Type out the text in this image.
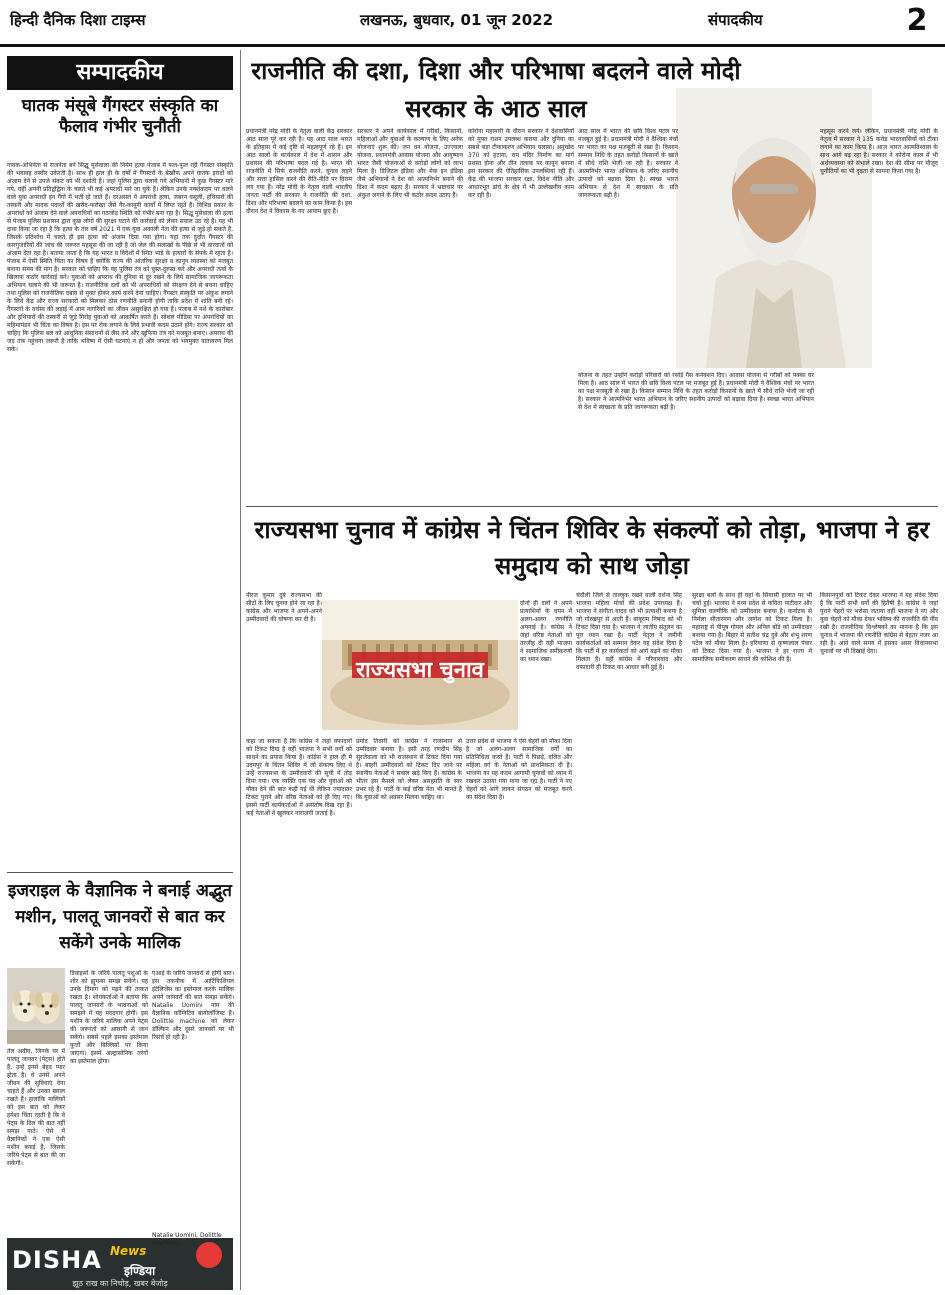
हिन्दी दैनिक दिशा टाइम्स	लखनऊ, बुधवार, 01 जून 2022	संपादकीय	2
सम्पादकीय
घातक मंसूबे गैंगस्टर संस्कृति का फैलाव गंभीर चुनौती
गायक-अभिनेता से राजनेता बने सिद्धू मूसेवाला की निर्मम हत्या पंजाब में फल-फूल रही गैंगस्टर संस्कृति की भयावह तस्वीर उकेरती है। साथ ही हाल ही के वर्षों में गैंगस्टरों के बेखौफ अपने घातक इरादों को अंजाम देने से उपजे संकट को भी दर्शाती है। जहां पुलिस द्वारा चलाये गये अभियानों में कुछ गैंगस्टर मारे गये, वहीं अपनी प्रतिद्वंद्विता के चलते भी कई अपराधी मारे जा चुके हैं। लेकिन उनके नक्शेकदम पर चलने वाले युवा अपराधी इन गैंगों में भर्ती हो जाते हैं। दरअसल ये अपराधी हत्या, जबरन वसूली, हथियारों की तस्करी और मादक पदार्थों की खरीद-फरोख्त जैसे गैर-कानूनी कार्यों में लिप्त रहते हैं। विभिन्न प्रकार के अपराधों को अंजाम देने वाले अपराधियों का गठजोड़ स्थिति को गंभीर बना रहा है। सिद्धू मूसेवाला की हत्या से पंजाब पुलिस प्रशासन द्वारा कुछ लोगों की सुरक्षा घटाने की कार्रवाई को लेकर सवाल उठ रहे हैं। यह भी दावा किया जा रहा है कि हत्या के तार वर्ष 2021 में एक युवा अकाली नेता की हत्या से जुड़े हो सकते हैं, जिसके प्रतिशोध में चलते ही इस हत्या को अंजाम दिया गया होगा। यहां तक दुर्दांत गैंगस्टर की कारगुजारियों की जांच की जरूरत महसूस की जा रही है जो जेल की सलाखों के पीछे से भी वारदातों को अंजाम देता रहा है। बताया जाता है कि यह भारत व विदेशों में स्थित भाड़े के हत्यारों के संपर्क में रहता है। पंजाब में ऐसी स्थिति चिंता का विषय है क्योंकि राज्य की आंतरिक सुरक्षा व कानून व्यवस्था को मजबूत बनाना समय की मांग है। सरकार को चाहिए कि वह पुलिस तंत्र को चुस्त-दुरुस्त करे और अपराधी तत्वों के खिलाफ कठोर कार्रवाई करे। युवाओं को अपराध की दुनिया से दूर रखने के लिये सामाजिक जागरूकता अभियान चलाने की भी जरूरत है। राजनीतिक दलों को भी अपराधियों को संरक्षण देने से बचना चाहिए तथा पुलिस को राजनीतिक दबाव से मुक्त होकर कार्य करने देना चाहिए। गैंगस्टर संस्कृति पर अंकुश लगाने के लिये केंद्र और राज्य सरकारों को मिलकर ठोस रणनीति बनानी होगी ताकि प्रदेश में शांति बनी रहे। गैंगस्टरों के वर्चस्व की लड़ाई में आम नागरिकों का जीवन असुरक्षित हो गया है। पंजाब में नशे के कारोबार और हथियारों की तस्करी से जुड़े गिरोह युवाओं को आकर्षित करते हैं। सोशल मीडिया पर अपराधियों का महिमामंडन भी चिंता का विषय है। इस पर रोक लगाने के लिये प्रभावी कदम उठाने होंगे। राज्य सरकार को चाहिए कि पुलिस बल को आधुनिक संसाधनों से लैस करे और खुफिया तंत्र को मजबूत बनाए। अपराध की जड़ तक पहुंचना जरूरी है ताकि भविष्य में ऐसी घटनाएं न हों और जनता को भयमुक्त वातावरण मिल सके।
इजराइल के वैज्ञानिक ने बनाई अद्भुत मशीन, पालतू जानवरों से बात कर सकेंगे उनके मालिक
तेल अवीव, जिनके घर में पालतू जानवर (पेट्स) होते हैं, उन्हें इनसे बेहद प्यार होता है। वे उनसे अपने जीवन की सुविधाएं देना चाहते हैं और उनका ख्याल रखते हैं। हालांकि मालिकों को इस बात को लेकर हमेशा चिंता रहती है कि वे पेट्स के दिल की बात नहीं समझ पाते। ऐसे में वैज्ञानिकों ने एक ऐसी मशीन बनाई है, जिसके जरिये पेट्स से बात की जा सकेगी।
डिवाइसों के जरिये पालतू पशुओं के शोर को ह्यूमन्स समझ सकेंगे। यह उनके दिमाग को पढ़ने की ताकत रखता है। शोधकर्ताओं ने बताया कि पालतू जानवरों के भावनाओं को समझने में यह मददगार होगी। इस मशीन के जरिये मालिक अपने पेट्स की जरूरतों को आसानी से जान सकेंगे। सबसे पहले इसका इस्तेमाल कुत्तों और बिल्लियों पर किया जाएगा। इसमें अल्ट्रासोनिक तरंगों का इस्तेमाल होगा।
एआई के जरिये जानवरों से होगी बात। इस तकनीक में आर्टिफिशियल इंटेलिजेंस का इस्तेमाल करके मालिक अपने जानवरों की बात समझ सकेंगे। Natalie Uomini नाम की वैज्ञानिक कॉग्निटिव बायोलॉजिस्ट हैं। Dolittle machine को लेकर डॉल्फिन और दूसरे जानवरों पर भी रिसर्च हो रही है।
DISHA News
इण्डिया
झूठ राख का निचोड़, खबर बेजोड़
राजनीति की दशा, दिशा और परिभाषा बदलने वाले मोदी सरकार के आठ साल
प्रधानमंत्री नरेंद्र मोदी के नेतृत्व वाली केंद्र सरकार आठ साल पूरे कर रही है। यह आठ साल भारत के इतिहास में कई दृष्टि से महत्वपूर्ण रहे हैं। इन आठ सालों के कार्यकाल में देश में शासन और प्रशासन की परिभाषा बदल गई है। भारत की राजनीति में सिर्फ राजनीति करने, चुनाव लड़ने और सत्ता हासिल करने की रीति-नीति पर विराम लग गया है। नरेंद्र मोदी के नेतृत्व वाली भारतीय जनता पार्टी की सरकार ने राजनीति की दशा, दिशा और परिभाषा बदलने का काम किया है। इस दौरान देश ने विकास के नए आयाम छुए हैं।
सरकार ने अपने कार्यकाल में गरीबों, किसानों, महिलाओं और युवाओं के कल्याण के लिए अनेक योजनाएं शुरू कीं। जन धन योजना, उज्ज्वला योजना, प्रधानमंत्री आवास योजना और आयुष्मान भारत जैसी योजनाओं से करोड़ों लोगों को लाभ मिला है। डिजिटल इंडिया और मेक इन इंडिया जैसे अभियानों ने देश को आत्मनिर्भर बनाने की दिशा में कदम बढ़ाए हैं। सरकार ने भ्रष्टाचार पर अंकुश लगाने के लिए भी कठोर कदम उठाए हैं।
कोरोना महामारी के दौरान सरकार ने देशवासियों को मुफ्त राशन उपलब्ध कराया और दुनिया का सबसे बड़ा टीकाकरण अभियान चलाया। अनुच्छेद 370 को हटाना, राम मंदिर निर्माण का मार्ग प्रशस्त होना और तीन तलाक पर कानून बनाना इस सरकार की ऐतिहासिक उपलब्धियां रही हैं। केंद्र की भाजपा सरकार रक्षा, विदेश नीति और आधारभूत ढांचे के क्षेत्र में भी उल्लेखनीय काम कर रही है।
आठ साल में भारत की छवि विश्व पटल पर मजबूत हुई है। प्रधानमंत्री मोदी ने वैश्विक मंचों पर भारत का पक्ष मजबूती से रखा है। किसान सम्मान निधि के तहत करोड़ों किसानों के खाते में सीधे राशि भेजी जा रही है। सरकार ने आत्मनिर्भर भारत अभियान के जरिए स्थानीय उत्पादों को बढ़ावा दिया है। स्वच्छ भारत अभियान से देश में स्वच्छता के प्रति जागरूकता बढ़ी है।
योजना के तहत उन्होंने करोड़ों परिवारों को रसोई गैस कनेक्शन दिए। आवास योजना से गरीबों को पक्का घर मिला है। आठ साल में भारत की छवि विश्व पटल पर मजबूत हुई है। प्रधानमंत्री मोदी ने वैश्विक मंचों पर भारत का पक्ष मजबूती से रखा है। किसान सम्मान निधि के तहत करोड़ों किसानों के खाते में सीधे राशि भेजी जा रही है। सरकार ने आत्मनिर्भर भारत अभियान के जरिए स्थानीय उत्पादों को बढ़ावा दिया है। स्वच्छ भारत अभियान से देश में स्वच्छता के प्रति जागरूकता बढ़ी है।
महसूस करने लगे। लेकिन, प्रधानमंत्री नरेंद्र मोदी के नेतृत्व में सरकार ने 135 करोड़ भारतवासियों को टीका लगाने का काम किया है। आज भारत आत्मविश्वास के साथ आगे बढ़ रहा है। सरकार ने कोरोना काल में भी अर्थव्यवस्था को संभाले रखा। देश की सीमा पर मौजूद चुनौतियों का भी दृढ़ता से सामना किया गया है।
राज्यसभा चुनाव में कांग्रेस ने चिंतन शिविर के संकल्पों को तोड़ा, भाजपा ने हर समुदाय को साथ जोड़ा
नीरज कुमार दुबे राज्यसभा की सीटों के लिए चुनाव होने जा रहा है। कांग्रेस और भाजपा ने अपने-अपने उम्मीदवारों की घोषणा कर दी है।
राज्यसभा चुनाव
दोनों ही दलों ने अपने प्रत्याशियों के चयन में अलग-अलग रणनीति अपनाई है। कांग्रेस ने जहां वरिष्ठ नेताओं को तरजीह दी वहीं भाजपा ने सामाजिक समीकरणों का ध्यान रखा।
कहा जा सकता है कि कांग्रेस ने जहां वफादारों को टिकट दिया है वहीं भाजपा ने सभी वर्गों को साधने का प्रयास किया है। कांग्रेस ने हाल ही में उदयपुर के चिंतन शिविर में जो संकल्प लिए थे उन्हें राज्यसभा के उम्मीदवारों की सूची में तोड़ दिया गया। एक व्यक्ति एक पद और युवाओं को मौका देने की बात कही गई थी लेकिन ज्यादातर टिकट पुराने और वरिष्ठ नेताओं को ही दिए गए। इससे पार्टी कार्यकर्ताओं में असंतोष दिख रहा है। कई नेताओं ने खुलकर नाराजगी जताई है।
प्रमोद तिवारी को कांग्रेस ने राजस्थान से उम्मीदवार बनाया है। इसी तरह रणदीप सिंह सुरजेवाला को भी राजस्थान से टिकट दिया गया है। बाहरी उम्मीदवारों को टिकट दिए जाने पर स्थानीय नेताओं ने सवाल खड़े किए हैं। कांग्रेस के भीतर इस फैसले को लेकर असहमति के स्वर उभर रहे हैं। पार्टी के कई वरिष्ठ नेता भी मानते हैं कि युवाओं को अवसर मिलना चाहिए था।
उत्तर प्रदेश से भाजपा ने ऐसे चेहरों को मौका दिया है जो अलग-अलग सामाजिक वर्गों का प्रतिनिधित्व करते हैं। पार्टी ने पिछड़े, दलित और महिला वर्ग के नेताओं को प्राथमिकता दी है। भाजपा का यह कदम आगामी चुनावों को ध्यान में रखकर उठाया गया माना जा रहा है। पार्टी ने नए चेहरों को आगे लाकर संगठन को मजबूत करने का संदेश दिया है।
चंदौली जिले से ताल्लुक रखने वाली दर्शना सिंह भाजपा महिला मोर्चा की प्रदेश उपाध्यक्ष हैं। भाजपा ने संगीता यादव को भी प्रत्याशी बनाया है जो गोरखपुर से आती हैं। बाबूराम निषाद को भी टिकट दिया गया है। भाजपा ने जातीय संतुलन का पूरा ध्यान रखा है। पार्टी नेतृत्व ने जमीनी कार्यकर्ताओं को सम्मान देकर यह संदेश दिया है कि पार्टी में हर कार्यकर्ता को आगे बढ़ने का मौका मिलता है। वहीं कांग्रेस में परिवारवाद और वफादारी ही टिकट का आधार बनी हुई है।
सुरक्षा बलों के साथ ही वहां के सियासी हालात पर भी चर्चा हुई। भाजपा ने मध्य प्रदेश से कविता पाटीदार और सुमित्रा वाल्मीकि को उम्मीदवार बनाया है। कर्नाटक से निर्मला सीतारमण और जग्गेश को टिकट मिला है। महाराष्ट्र से पीयूष गोयल और अनिल बोंडे को उम्मीदवार बनाया गया है। बिहार से सतीश चंद्र दुबे और शंभू शरण पटेल को मौका मिला है। हरियाणा से कृष्णलाल पंवार को टिकट दिया गया है। भाजपा ने हर राज्य में सामाजिक समीकरण साधने की कोशिश की है।
किसानपुत्रों को टिकट देकर भाजपा ने यह संदेश दिया है कि पार्टी सभी वर्गों की हितैषी है। कांग्रेस ने जहां पुराने चेहरों पर भरोसा जताया वहीं भाजपा ने नए और युवा चेहरों को मौका देकर भविष्य की राजनीति की नींव रखी है। राजनीतिक विश्लेषकों का मानना है कि इस चुनाव में भाजपा की रणनीति कांग्रेस से बेहतर नजर आ रही है। आने वाले समय में इसका असर विधानसभा चुनावों पर भी दिखाई देगा।
Natalie Uomini, Dolittle machine
